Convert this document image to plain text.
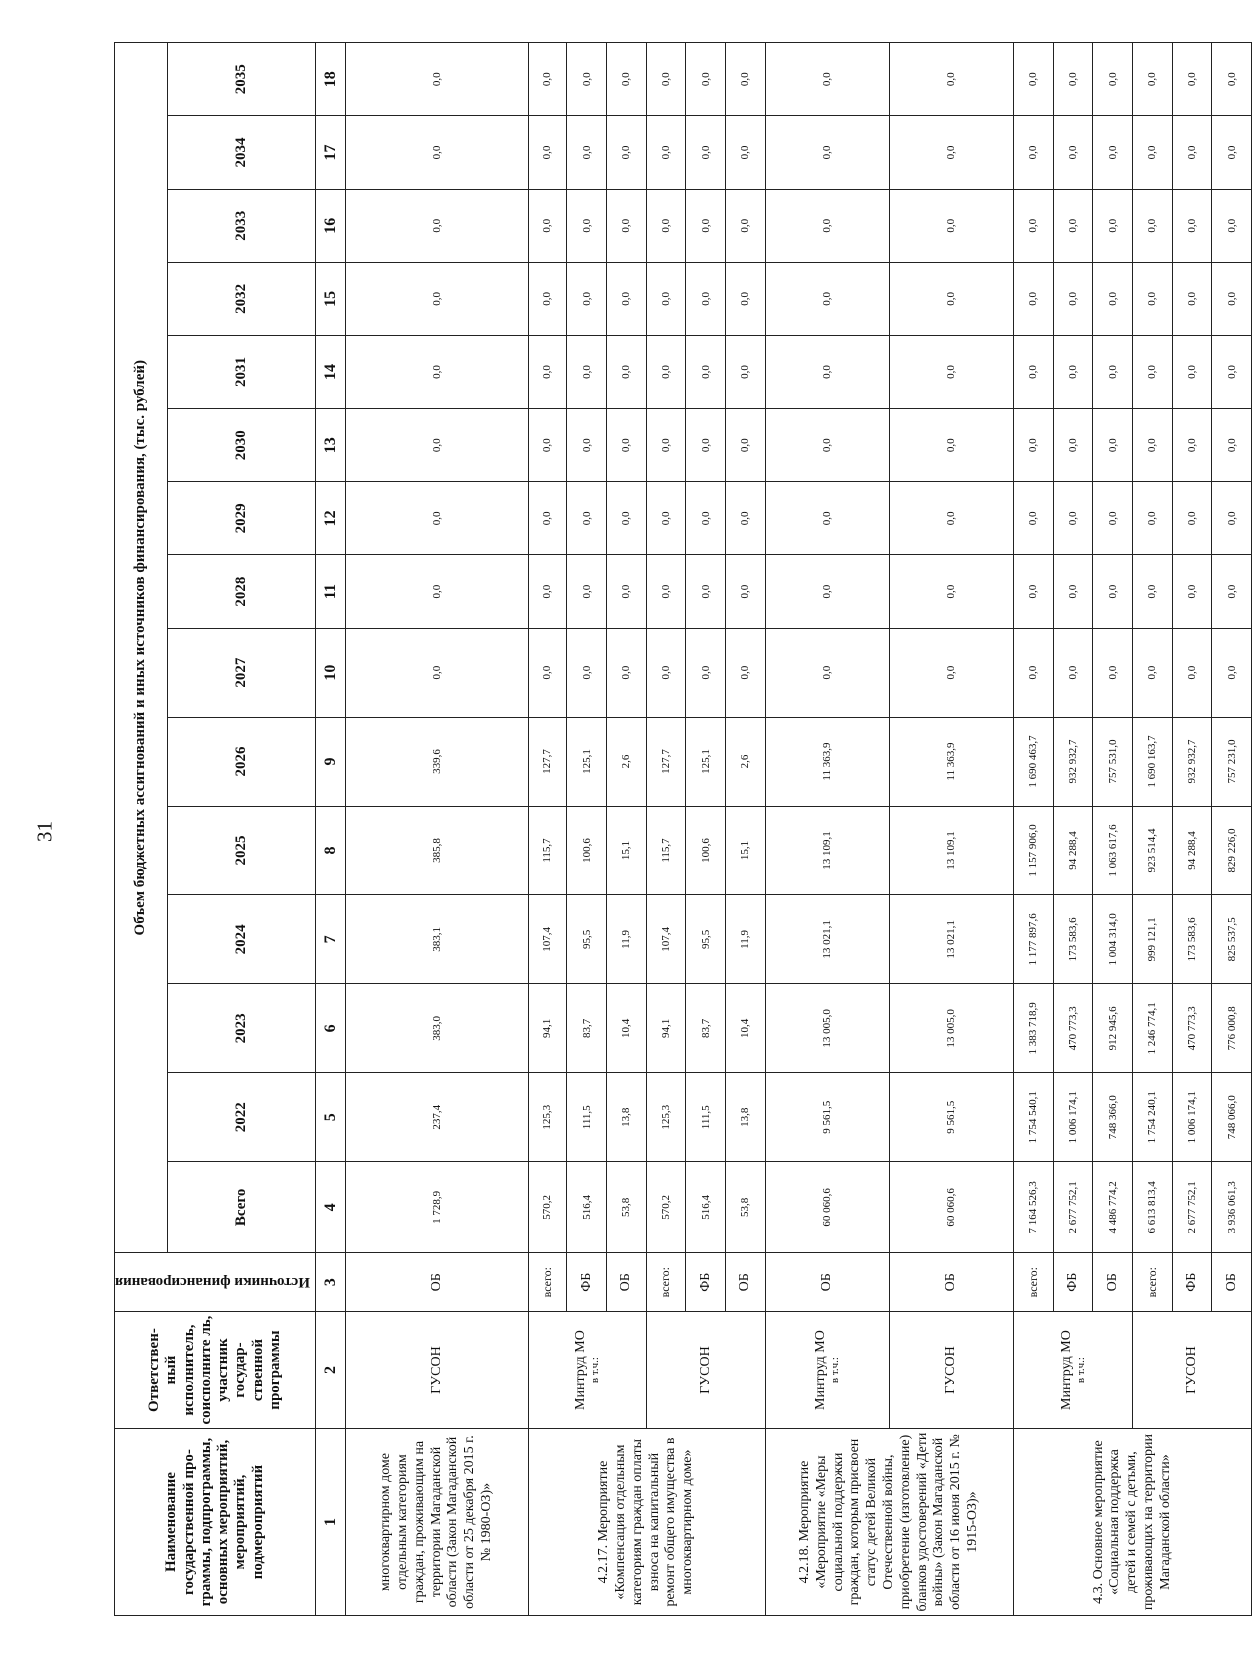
31
Наименование государственной про-граммы, подпрограммы, основных мероприятий, мероприятий, подмероприятий	Ответствен-ный исполнитель, соисполните ль, участник государ-ственной программы	Источники финансирования	Объем бюджетных ассигнований и иных источников финансирования, (тыс. рублей)														
			Всего	2022	2023	2024	2025	2026	2027	2028	2029	2030	2031	2032	2033	2034	2035
1	2	3	4	5	6	7	8	9	10	11	12	13	14	15	16	17	18
многоквартирном доме отдельным категориям граждан, проживающим на территории Магаданской области (Закон Магаданской области от 25 декабря 2015 г. № 1980-ОЗ)»	ГУСОН	ОБ	1 728,9	237,4	383,0	383,1	385,8	339,6	0,0	0,0	0,0	0,0	0,0	0,0	0,0	0,0	0,0
4.2.17. Мероприятие «Компенсация отдельным категориям граждан оплаты взноса на капитальный ремонт общего имущества в многоквартирном доме»	Минтруд МО в т.ч.:	всего:	570,2	125,3	94,1	107,4	115,7	127,7	0,0	0,0	0,0	0,0	0,0	0,0	0,0	0,0	0,0
		ФБ	516,4	111,5	83,7	95,5	100,6	125,1	0,0	0,0	0,0	0,0	0,0	0,0	0,0	0,0	0,0
		ОБ	53,8	13,8	10,4	11,9	15,1	2,6	0,0	0,0	0,0	0,0	0,0	0,0	0,0	0,0	0,0

	ГУСОН	всего:	570,2	125,3	94,1	107,4	115,7	127,7	0,0	0,0	0,0	0,0	0,0	0,0	0,0	0,0	0,0
		ФБ	516,4	111,5	83,7	95,5	100,6	125,1	0,0	0,0	0,0	0,0	0,0	0,0	0,0	0,0	0,0
		ОБ	53,8	13,8	10,4	11,9	15,1	2,6	0,0	0,0	0,0	0,0	0,0	0,0	0,0	0,0	0,0
4.2.18. Мероприятие «Мероприятие «Меры социальной поддержки граждан, которым присвоен статус детей Великой Отечественной войны, приобретение (изготовление) бланков удостоверений «Дети войны» (Закон Магаданской области от 16 июня 2015 г. № 1915-ОЗ)»	Минтруд МО в т.ч.:	ОБ	60 060,6	9 561,5	13 005,0	13 021,1	13 109,1	11 363,9	0,0	0,0	0,0	0,0	0,0	0,0	0,0	0,0	0,0

	ГУСОН	ОБ	60 060,6	9 561,5	13 005,0	13 021,1	13 109,1	11 363,9	0,0	0,0	0,0	0,0	0,0	0,0	0,0	0,0	0,0
4.3. Основное мероприятие «Социальная поддержка детей и семей с детьми, проживающих на территории Магаданской области»	Минтруд МО в т.ч.:	всего:	7 164 526,3	1 754 540,1	1 383 718,9	1 177 897,6	1 157 906,0	1 690 463,7	0,0	0,0	0,0	0,0	0,0	0,0	0,0	0,0	0,0
		ФБ	2 677 752,1	1 006 174,1	470 773,3	173 583,6	94 288,4	932 932,7	0,0	0,0	0,0	0,0	0,0	0,0	0,0	0,0	0,0
		ОБ	4 486 774,2	748 366,0	912 945,6	1 004 314,0	1 063 617,6	757 531,0	0,0	0,0	0,0	0,0	0,0	0,0	0,0	0,0	0,0

	ГУСОН	всего:	6 613 813,4	1 754 240,1	1 246 774,1	999 121,1	923 514,4	1 690 163,7	0,0	0,0	0,0	0,0	0,0	0,0	0,0	0,0	0,0
		ФБ	2 677 752,1	1 006 174,1	470 773,3	173 583,6	94 288,4	932 932,7	0,0	0,0	0,0	0,0	0,0	0,0	0,0	0,0	0,0
		ОБ	3 936 061,3	748 066,0	776 000,8	825 537,5	829 226,0	757 231,0	0,0	0,0	0,0	0,0	0,0	0,0	0,0	0,0	0,0
